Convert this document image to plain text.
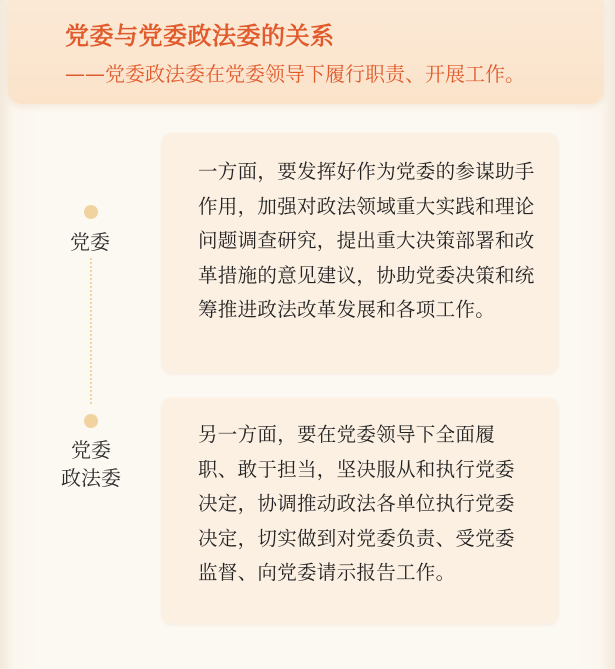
党委与党委政法委的关系
——党委政法委在党委领导下履行职责、开展工作。
党委
党委
政法委

一方面，要发挥好作为党委的参谋助手作用，加强对政法领域重大实践和理论问题调查研究，提出重大决策部署和改革措施的意见建议，协助党委决策和统筹推进政法改革发展和各项工作。

另一方面，要在党委领导下全面履职、敢于担当，坚决服从和执行党委决定，协调推动政法各单位执行党委决定，切实做到对党委负责、受党委监督、向党委请示报告工作。
